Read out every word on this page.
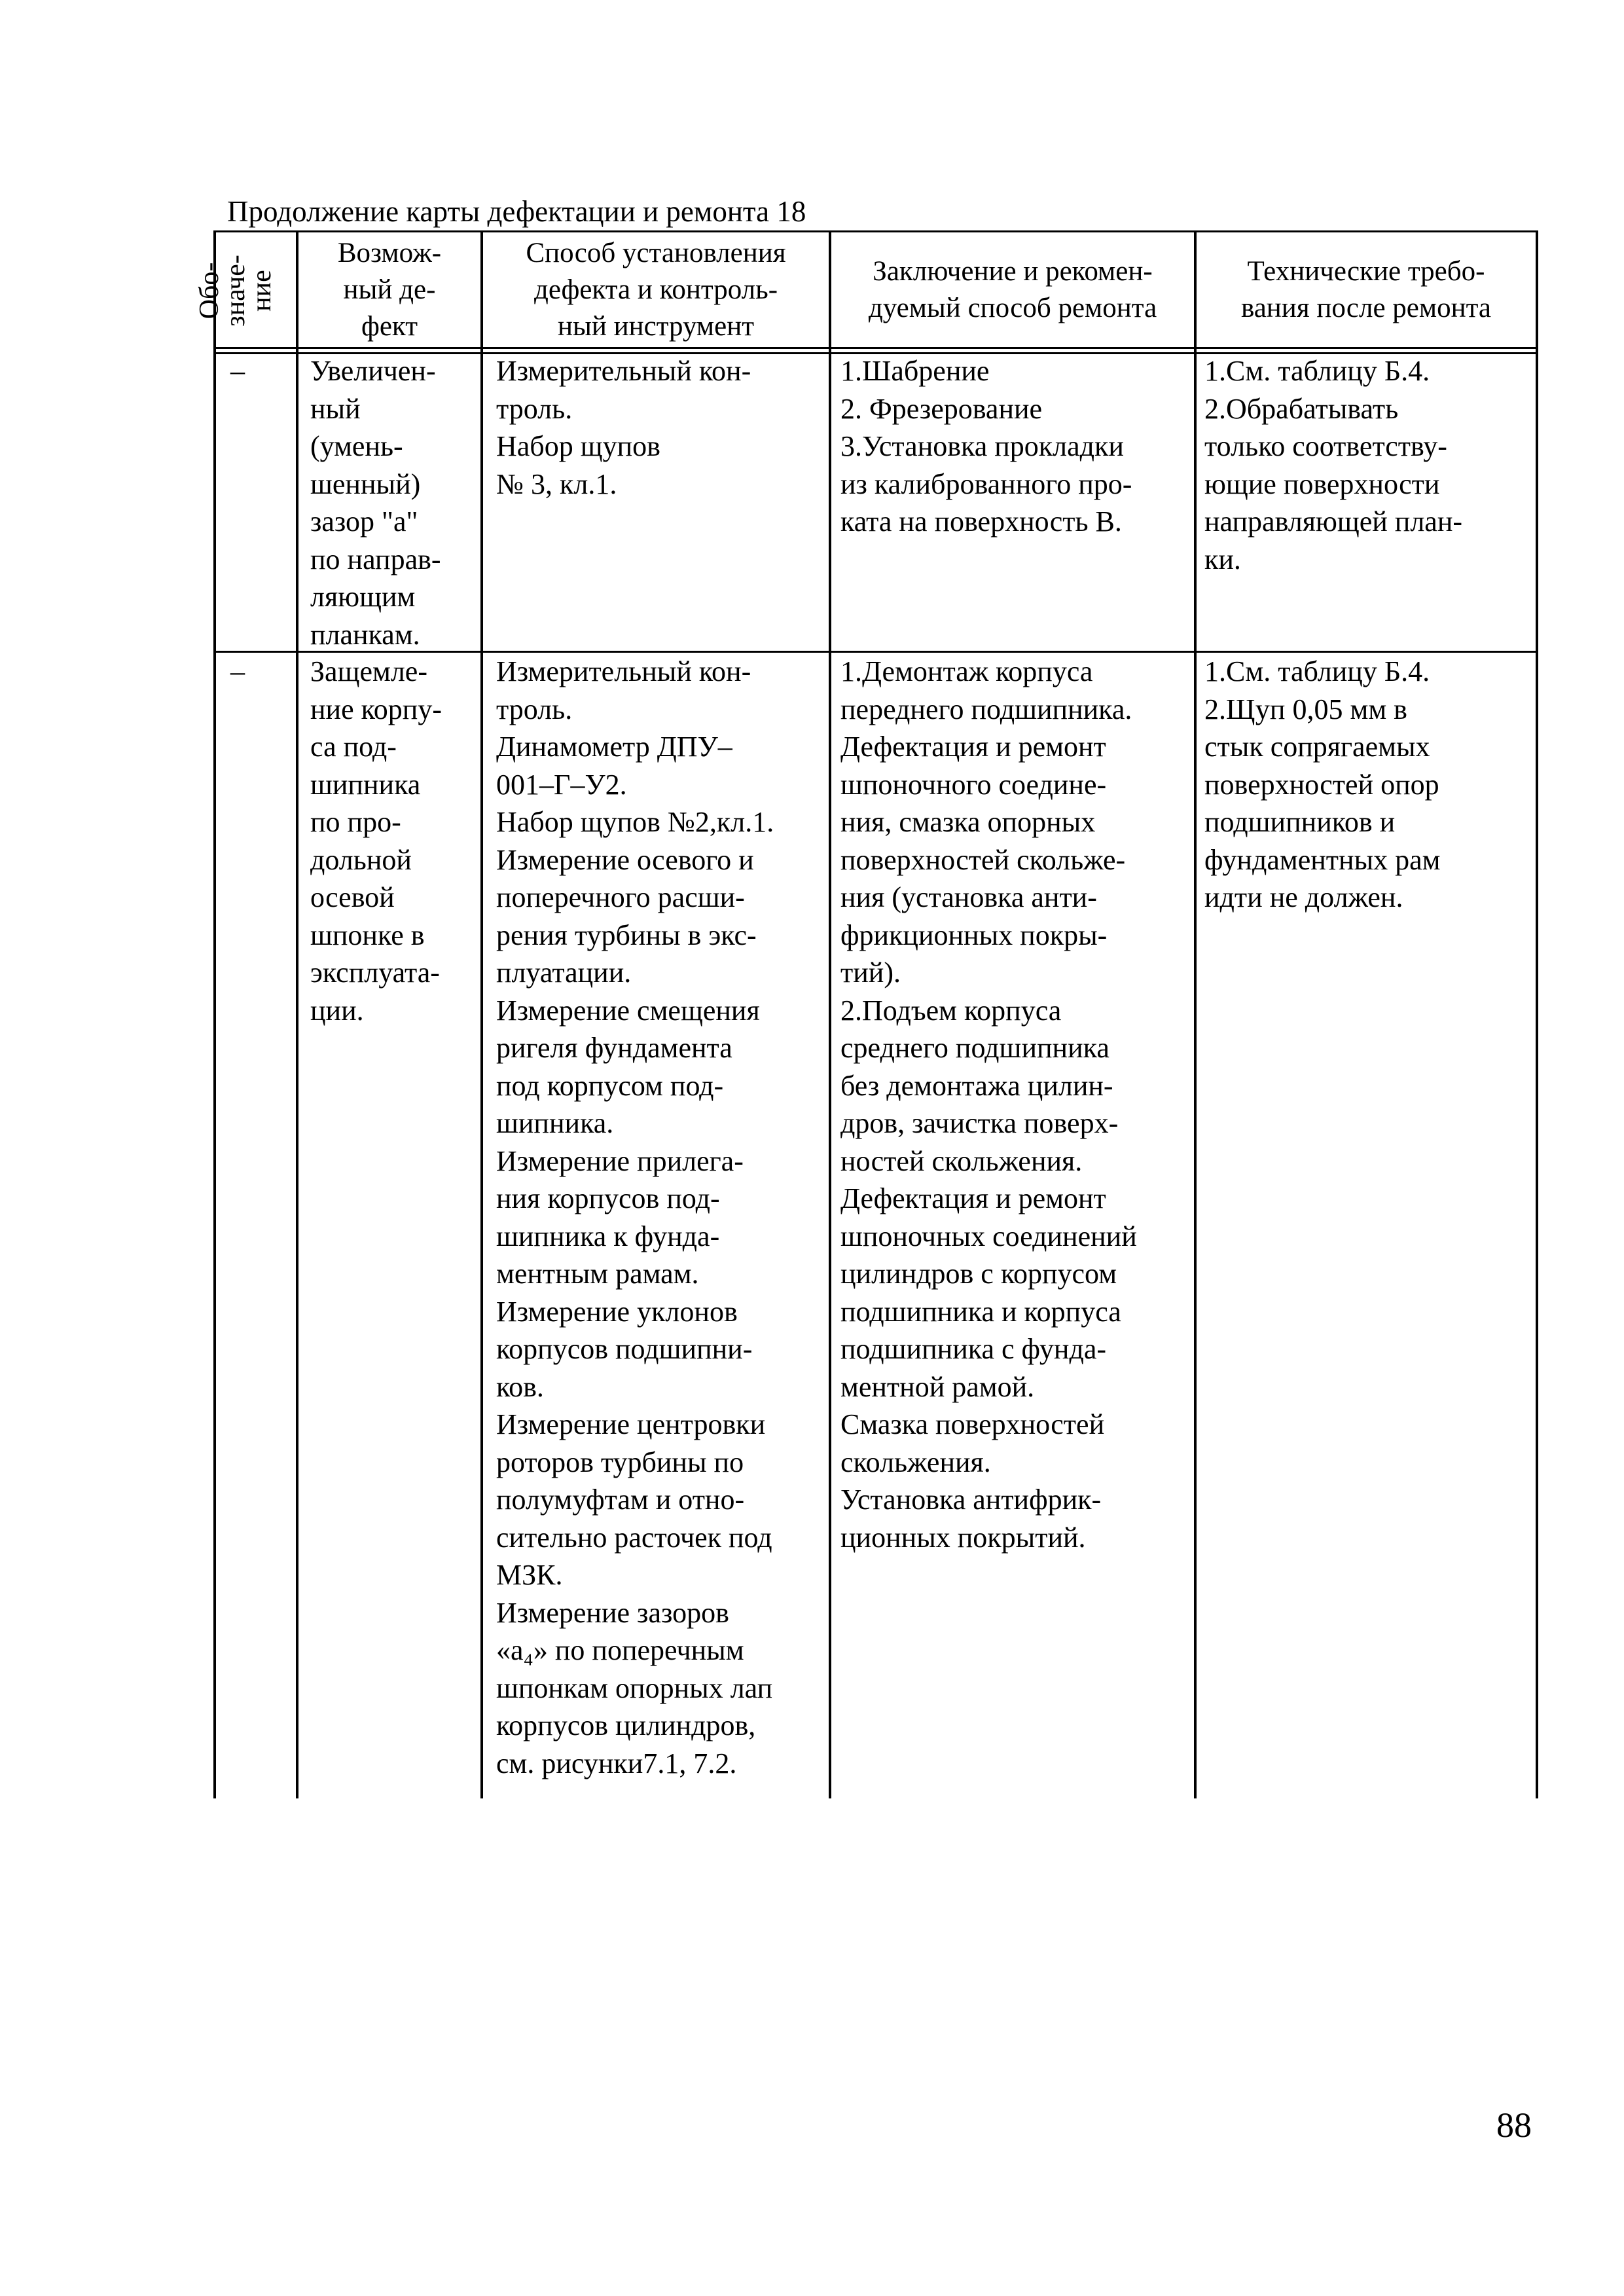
Продолжение карты дефектации и ремонта 18
Обо-
значе-
ние
Возмож-
ный де-
фект
Способ установления
дефекта и контроль-
ный инструмент
Заключение и рекомен-
дуемый способ ремонта
Технические требо-
вания после ремонта
–	Увеличен-
ный
(умень-
шенный)
зазор "а"
по направ-
ляющим
планкам.
Измерительный кон-
троль.
Набор щупов
№ 3, кл.1.
1.Шабрение
2. Фрезерование
3.Установка прокладки
из калиброванного про-
ката на поверхность В.
1.См. таблицу Б.4.
2.Обрабатывать
только соответству-
ющие поверхности
направляющей план-
ки.
–	Защемле-
ние корпу-
са под-
шипника
по про-
дольной
осевой
шпонке в
эксплуата-
ции.
Измерительный кон-
троль.
Динамометр ДПУ–
001–Г–У2.
Набор щупов №2,кл.1.
Измерение осевого и
поперечного расши-
рения турбины в экс-
плуатации.
Измерение смещения
ригеля фундамента
под корпусом под-
шипника.
Измерение прилега-
ния корпусов под-
шипника к фунда-
ментным рамам.
Измерение уклонов
корпусов подшипни-
ков.
Измерение центровки
роторов турбины по
полумуфтам и отно-
сительно расточек под
МЗК.
Измерение зазоров
«а₄» по поперечным
шпонкам опорных лап
корпусов цилиндров,
см. рисунки7.1, 7.2.
1.Демонтаж корпуса
переднего подшипника.
Дефектация и ремонт
шпоночного соедине-
ния, смазка опорных
поверхностей скольже-
ния (установка анти-
фрикционных покры-
тий).
2.Подъем корпуса
среднего подшипника
без демонтажа цилин-
дров, зачистка поверх-
ностей скольжения.
Дефектация и ремонт
шпоночных соединений
цилиндров с корпусом
подшипника и корпуса
подшипника с фунда-
ментной рамой.
Смазка поверхностей
скольжения.
Установка антифрик-
ционных покрытий.
1.См. таблицу Б.4.
2.Щуп 0,05 мм в
стык сопрягаемых
поверхностей опор
подшипников и
фундаментных рам
идти не должен.
88
